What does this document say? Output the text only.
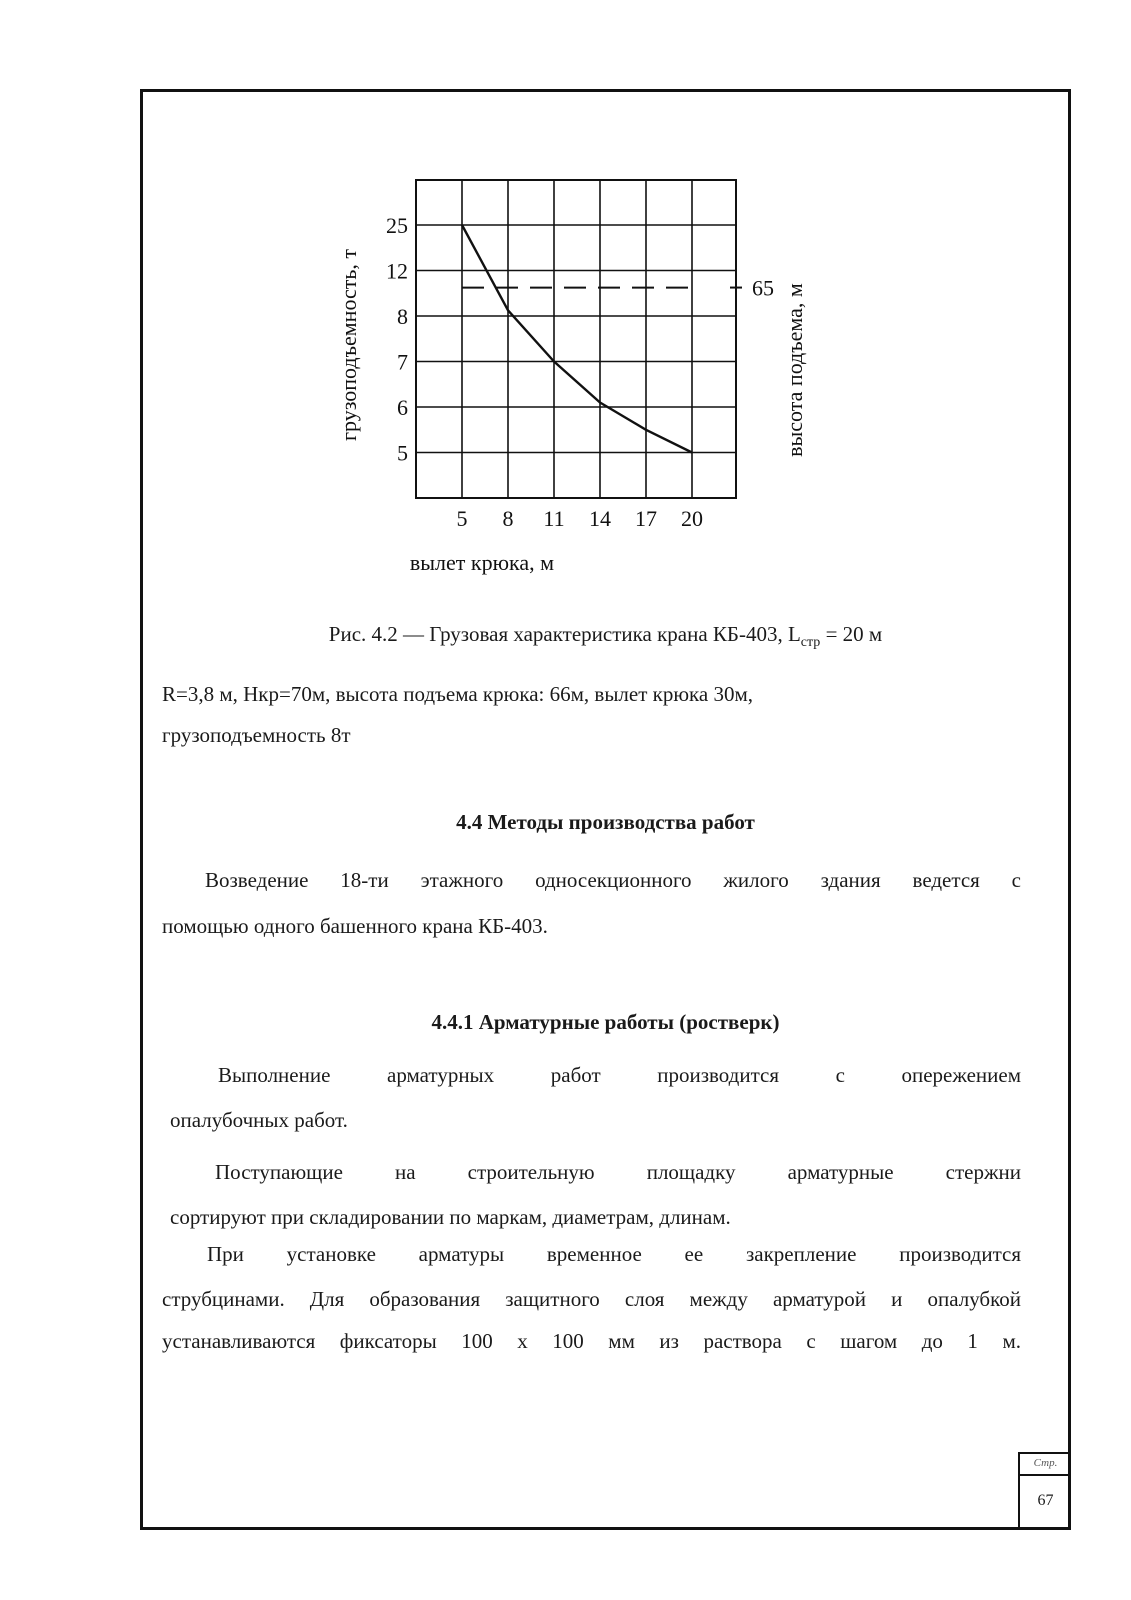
65
5 8 11 14 17 20
5
6
7
8
12
25
вылет крюка, м
грузоподъемность, т	высота подъема, м
Рис. 4.2 — Грузовая характеристика крана КБ-403, $L_{стр} = 20$ м
R=3,8 м, Нкр=70м, высота подъема крюка: 66м, вылет крюка 30м,
грузоподъемность 8т
4.4 Методы производства работ
Возведение 18-ти этажного односекционного жилого здания ведется с
помощью одного башенного крана КБ-403.
4.4.1 Арматурные работы (ростверк)
Выполнение арматурных работ производится с опережением
опалубочных работ.
Поступающие на строительную площадку арматурные стержни
сортируют при складировании по маркам, диаметрам, длинам.
При установке арматуры временное ее закрепление производится
струбцинами. Для образования защитного слоя между арматурой и опалубкой
устанавливаются фиксаторы 100 х 100 мм из раствора с шагом до 1 м.
Стр.
67
